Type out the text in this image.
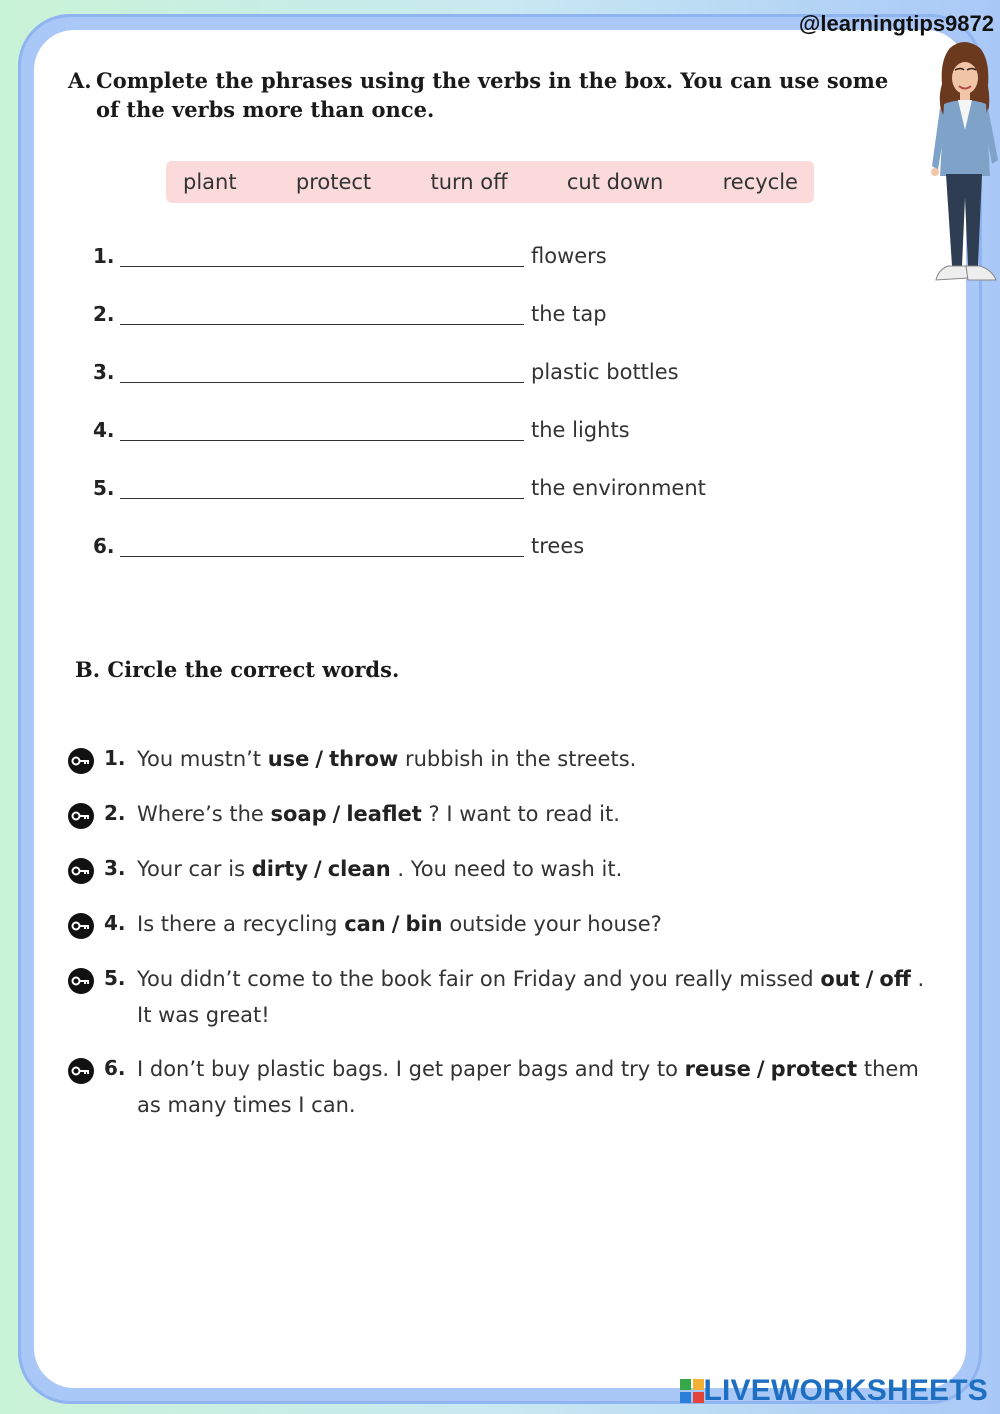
@learningtips9872
A. Complete the phrases using the verbs in the box. You can use some of the verbs more than once.
plant	protect	turn off	cut down	recycle
1.	flowers
2.	the tap
3.	plastic bottles
4.	the lights
5.	the environment
6.	trees
B. Circle the correct words.
1. You mustn’t use / throw rubbish in the streets.
2. Where’s the soap / leaflet ? I want to read it.
3. Your car is dirty / clean . You need to wash it.
4. Is there a recycling can / bin outside your house?
5. You didn’t come to the book fair on Friday and you really missed out / off . It was great!
6. I don’t buy plastic bags. I get paper bags and try to reuse / protect them as many times I can.
LIVEWORKSHEETS
